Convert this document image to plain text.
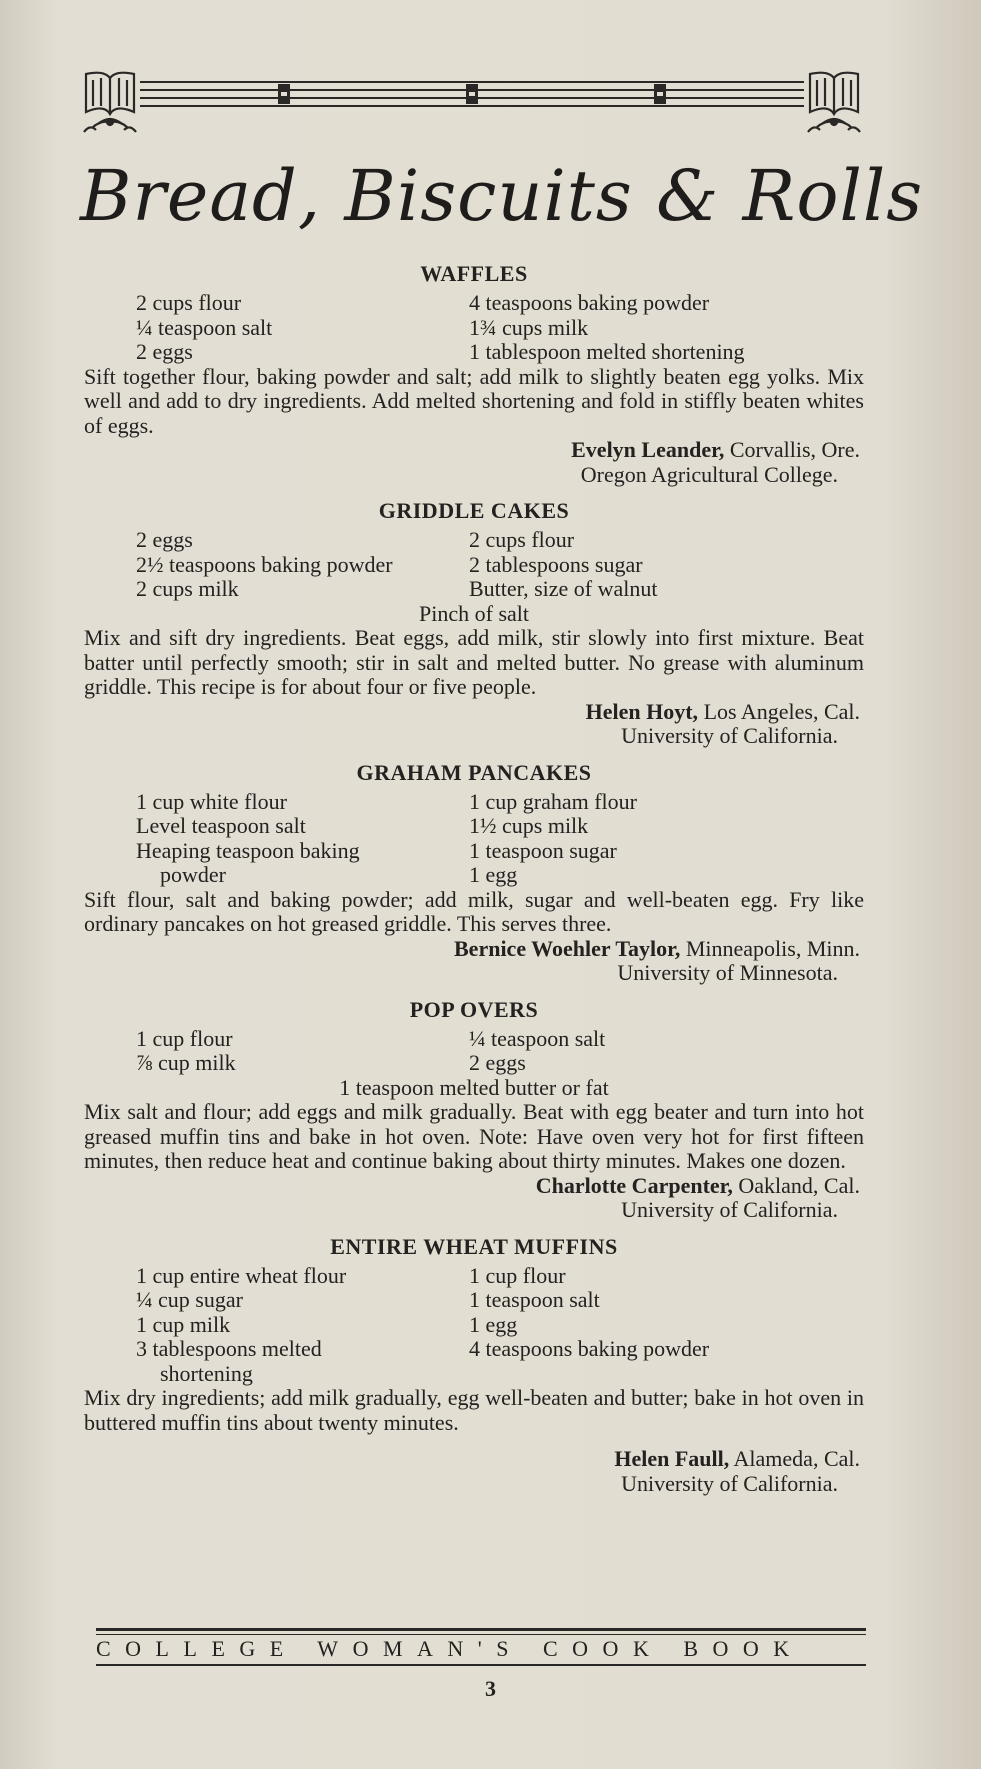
Bread, Biscuits & Rolls
WAFFLES
2 cups flour	4 teaspoons baking powder
¼ teaspoon salt	1¾ cups milk
2 eggs	1 tablespoon melted shortening
Sift together flour, baking powder and salt; add milk to slightly beaten egg yolks. Mix well and add to dry ingredients. Add melted shortening and fold in stiffly beaten whites of eggs.
Evelyn Leander, Corvallis, Ore.
Oregon Agricultural College.
GRIDDLE CAKES
2 eggs	2 cups flour
2½ teaspoons baking powder	2 tablespoons sugar
2 cups milk	Butter, size of walnut
Pinch of salt
Mix and sift dry ingredients. Beat eggs, add milk, stir slowly into first mixture. Beat batter until perfectly smooth; stir in salt and melted butter. No grease with aluminum griddle. This recipe is for about four or five people.
Helen Hoyt, Los Angeles, Cal.
University of California.
GRAHAM PANCAKES
1 cup white flour	1 cup graham flour
Level teaspoon salt	1½ cups milk
Heaping teaspoon baking	1 teaspoon sugar
powder	1 egg
Sift flour, salt and baking powder; add milk, sugar and well-beaten egg. Fry like ordinary pancakes on hot greased griddle. This serves three.
Bernice Woehler Taylor, Minneapolis, Minn.
University of Minnesota.
POP OVERS
1 cup flour	¼ teaspoon salt
⅞ cup milk	2 eggs
1 teaspoon melted butter or fat
Mix salt and flour; add eggs and milk gradually. Beat with egg beater and turn into hot greased muffin tins and bake in hot oven. Note: Have oven very hot for first fifteen minutes, then reduce heat and continue baking about thirty minutes. Makes one dozen.
Charlotte Carpenter, Oakland, Cal.
University of California.
ENTIRE WHEAT MUFFINS
1 cup entire wheat flour	1 cup flour
¼ cup sugar	1 teaspoon salt
1 cup milk	1 egg
3 tablespoons melted	4 teaspoons baking powder
shortening
Mix dry ingredients; add milk gradually, egg well-beaten and butter; bake in hot oven in buttered muffin tins about twenty minutes.
Helen Faull, Alameda, Cal.
University of California.
COLLEGE WOMAN'S COOK BOOK
3
